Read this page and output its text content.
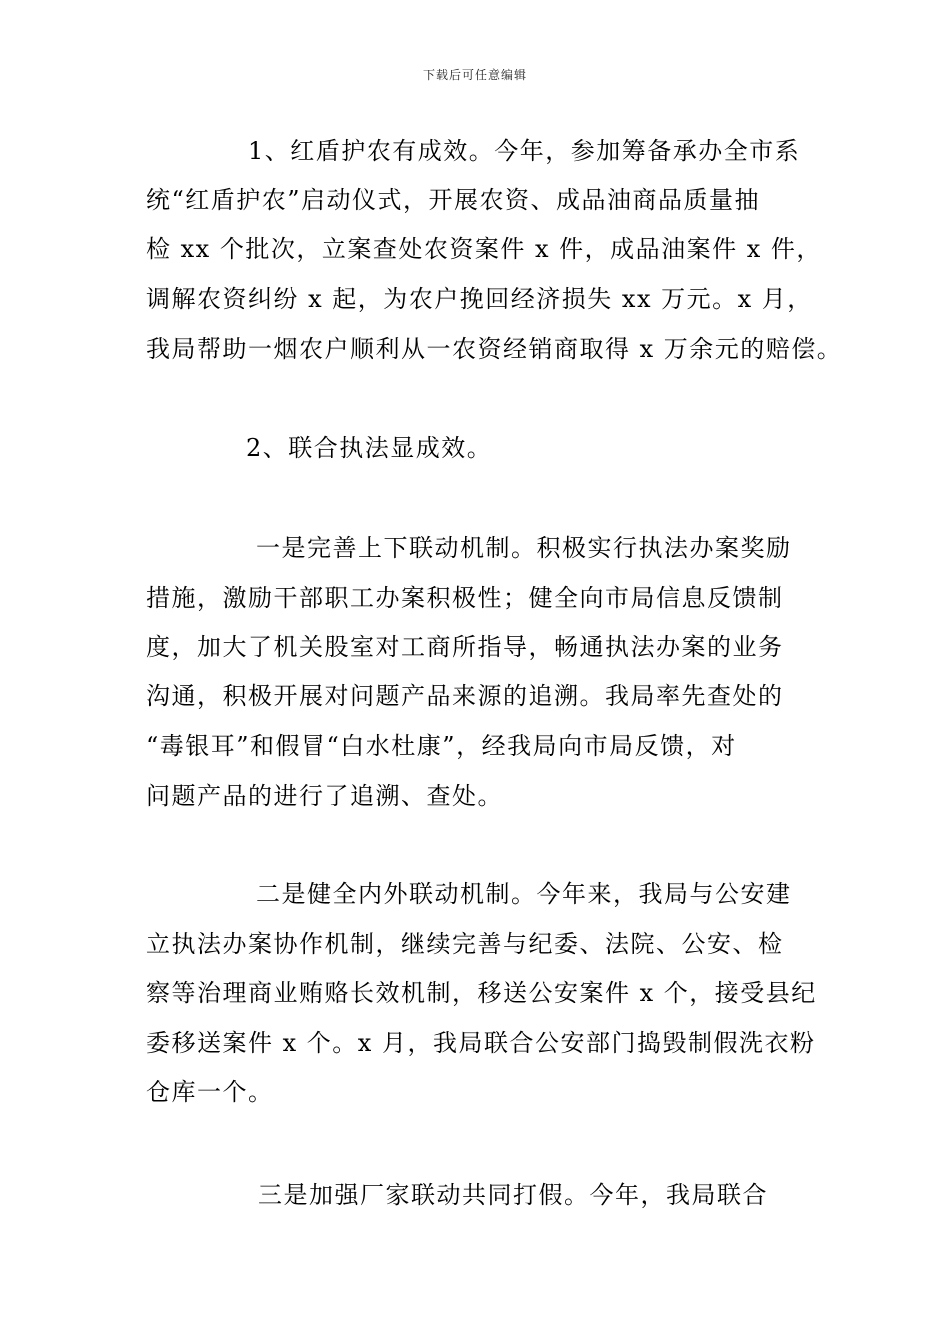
下载后可任意编辑
1、红盾护农有成效。今年，参加筹备承办全市系
统“红盾护农”启动仪式，开展农资、成品油商品质量抽
检 xx 个批次，立案查处农资案件 x 件，成品油案件 x 件，
调解农资纠纷 x 起，为农户挽回经济损失 xx 万元。x 月，
我局帮助一烟农户顺利从一农资经销商取得 x 万余元的赔偿。
2、联合执法显成效。
一是完善上下联动机制。积极实行执法办案奖励
措施，激励干部职工办案积极性；健全向市局信息反馈制
度，加大了机关股室对工商所指导，畅通执法办案的业务
沟通，积极开展对问题产品来源的追溯。我局率先查处的
“毒银耳”和假冒“白水杜康”，经我局向市局反馈，对
问题产品的进行了追溯、查处。
二是健全内外联动机制。今年来，我局与公安建
立执法办案协作机制，继续完善与纪委、法院、公安、检
察等治理商业贿赂长效机制，移送公安案件 x 个，接受县纪
委移送案件 x 个。x 月，我局联合公安部门捣毁制假洗衣粉
仓库一个。
三是加强厂家联动共同打假。今年，我局联合
